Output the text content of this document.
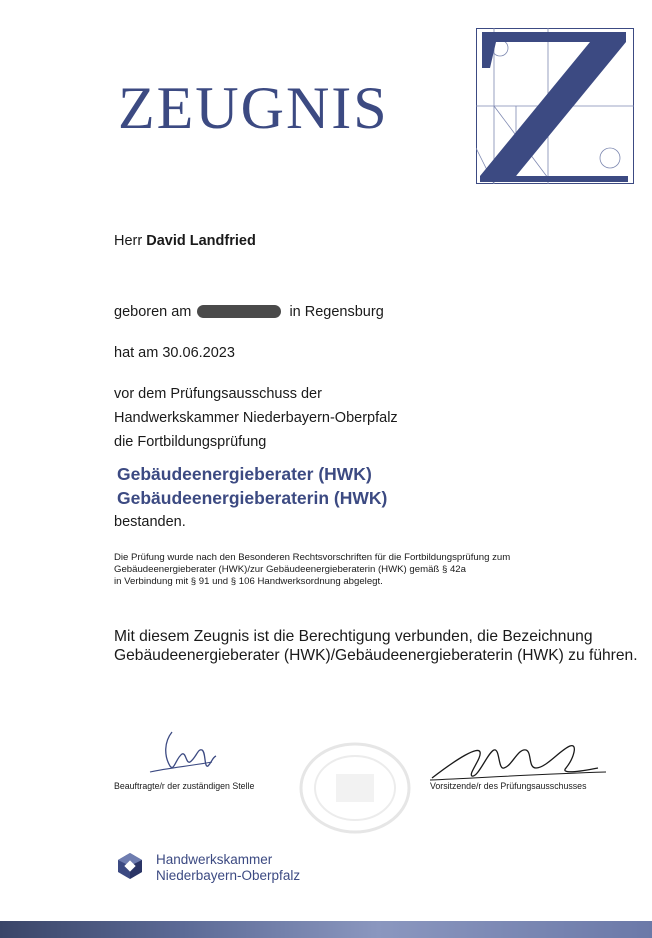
ZEUGNIS
Herr David Landfried
geboren am	in Regensburg
hat am 30.06.2023
vor dem Prüfungsausschuss der
Handwerkskammer Niederbayern-Oberpfalz
die Fortbildungsprüfung
Gebäudeenergieberater (HWK)
Gebäudeenergieberaterin (HWK)
bestanden.
Die Prüfung wurde nach den Besonderen Rechtsvorschriften für die Fortbildungsprüfung zum
Gebäudeenergieberater (HWK)/zur Gebäudeenergieberaterin (HWK) gemäß § 42a
in Verbindung mit § 91 und § 106 Handwerksordnung abgelegt.
Mit diesem Zeugnis ist die Berechtigung verbunden, die Bezeichnung
Gebäudeenergieberater (HWK)/Gebäudeenergieberaterin (HWK) zu führen.
Beauftragte/r der zuständigen Stelle	Vorsitzende/r des Prüfungsausschusses
Handwerkskammer
Niederbayern-Oberpfalz
